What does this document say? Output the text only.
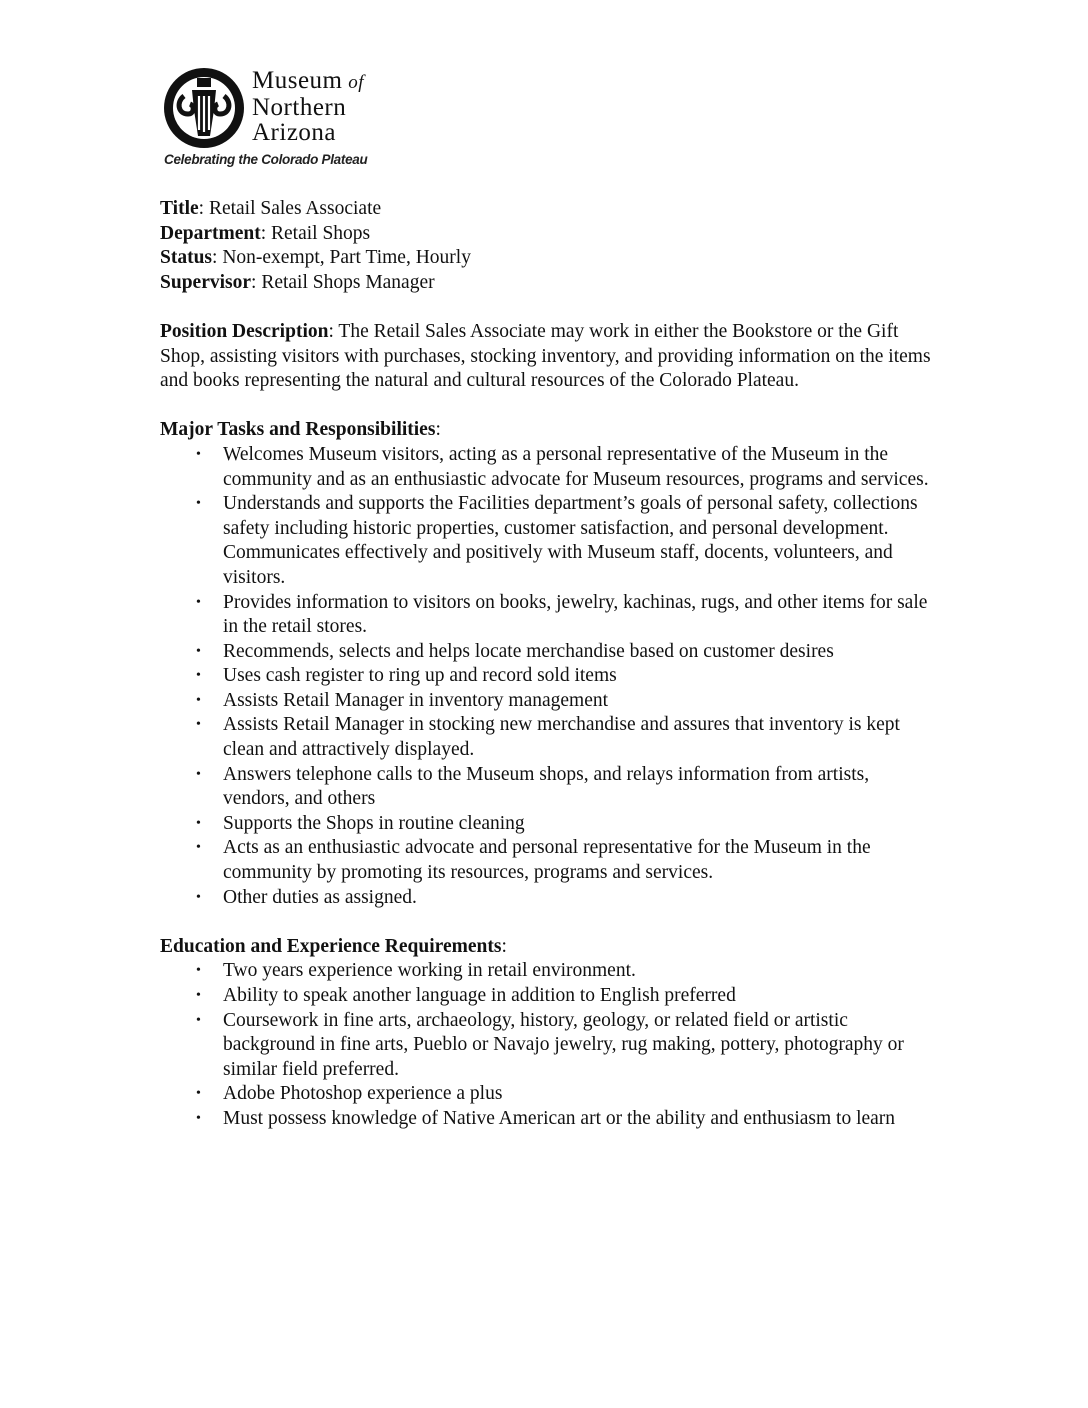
Museum of
Northern
Arizona
Celebrating the Colorado Plateau

Title: Retail Sales Associate

Department: Retail Shops

Status: Non-exempt, Part Time, Hourly

Supervisor: Retail Shops Manager

Position Description: The Retail Sales Associate may work in either the Bookstore or the Gift Shop, assisting visitors with purchases, stocking inventory, and providing information on the items and books representing the natural and cultural resources of the Colorado Plateau.

Major Tasks and Responsibilities:

• Welcomes Museum visitors, acting as a personal representative of the Museum in the community and as an enthusiastic advocate for Museum resources, programs and services.
• Understands and supports the Facilities department’s goals of personal safety, collections safety including historic properties, customer satisfaction, and personal development. Communicates effectively and positively with Museum staff, docents, volunteers, and visitors.
• Provides information to visitors on books, jewelry, kachinas, rugs, and other items for sale in the retail stores.
• Recommends, selects and helps locate merchandise based on customer desires
• Uses cash register to ring up and record sold items
• Assists Retail Manager in inventory management
• Assists Retail Manager in stocking new merchandise and assures that inventory is kept clean and attractively displayed.
• Answers telephone calls to the Museum shops, and relays information from artists, vendors, and others
• Supports the Shops in routine cleaning
• Acts as an enthusiastic advocate and personal representative for the Museum in the community by promoting its resources, programs and services.
• Other duties as assigned.

Education and Experience Requirements:

• Two years experience working in retail environment.
• Ability to speak another language in addition to English preferred
• Coursework in fine arts, archaeology, history, geology, or related field or artistic background in fine arts, Pueblo or Navajo jewelry, rug making, pottery, photography or similar field preferred.
• Adobe Photoshop experience a plus
• Must possess knowledge of Native American art or the ability and enthusiasm to learn
